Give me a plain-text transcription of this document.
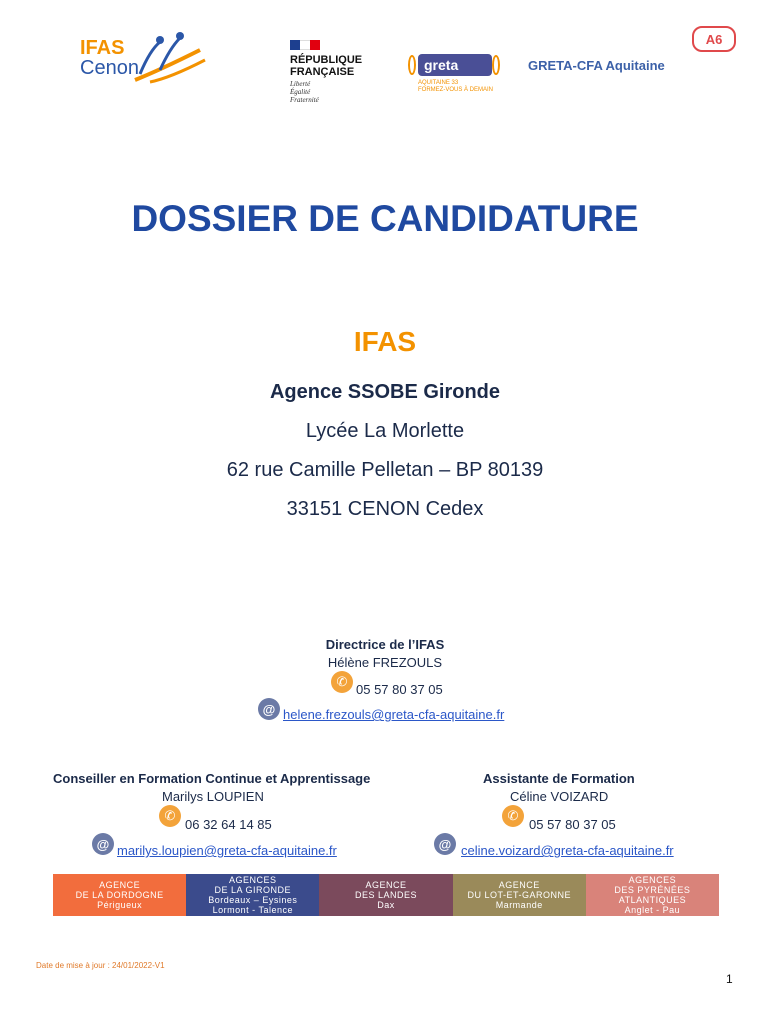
A6
IFAS
Cenon	RÉPUBLIQUE
FRANÇAISE
Liberté
Égalité
Fraternité
greta
AQUITAINE 33
FORMEZ-VOUS À DEMAIN
GRETA-CFA Aquitaine
DOSSIER DE CANDIDATURE
IFAS
Agence SSOBE Gironde
Lycée La Morlette
62 rue Camille Pelletan – BP 80139
33151 CENON Cedex
Directrice de l’IFAS
Hélène FREZOULS
✆
05 57 80 37 05
@ helene.frezouls@greta-cfa-aquitaine.fr
Conseiller en Formation Continue et Apprentissage
Marilys LOUPIEN
✆
06 32 64 14 85
@ marilys.loupien@greta-cfa-aquitaine.fr
Assistante de Formation
Céline VOIZARD
✆
05 57 80 37 05
@ celine.voizard@greta-cfa-aquitaine.fr
AGENCE
DE LA DORDOGNE
Périgueux
AGENCES
DE LA GIRONDE
Bordeaux – Eysines
Lormont - Talence
AGENCE
DES LANDES
Dax
AGENCE
DU LOT-ET-GARONNE
Marmande
AGENCES
DES PYRÉNÉES
ATLANTIQUES
Anglet - Pau
Date de mise à jour : 24/01/2022-V1
1
